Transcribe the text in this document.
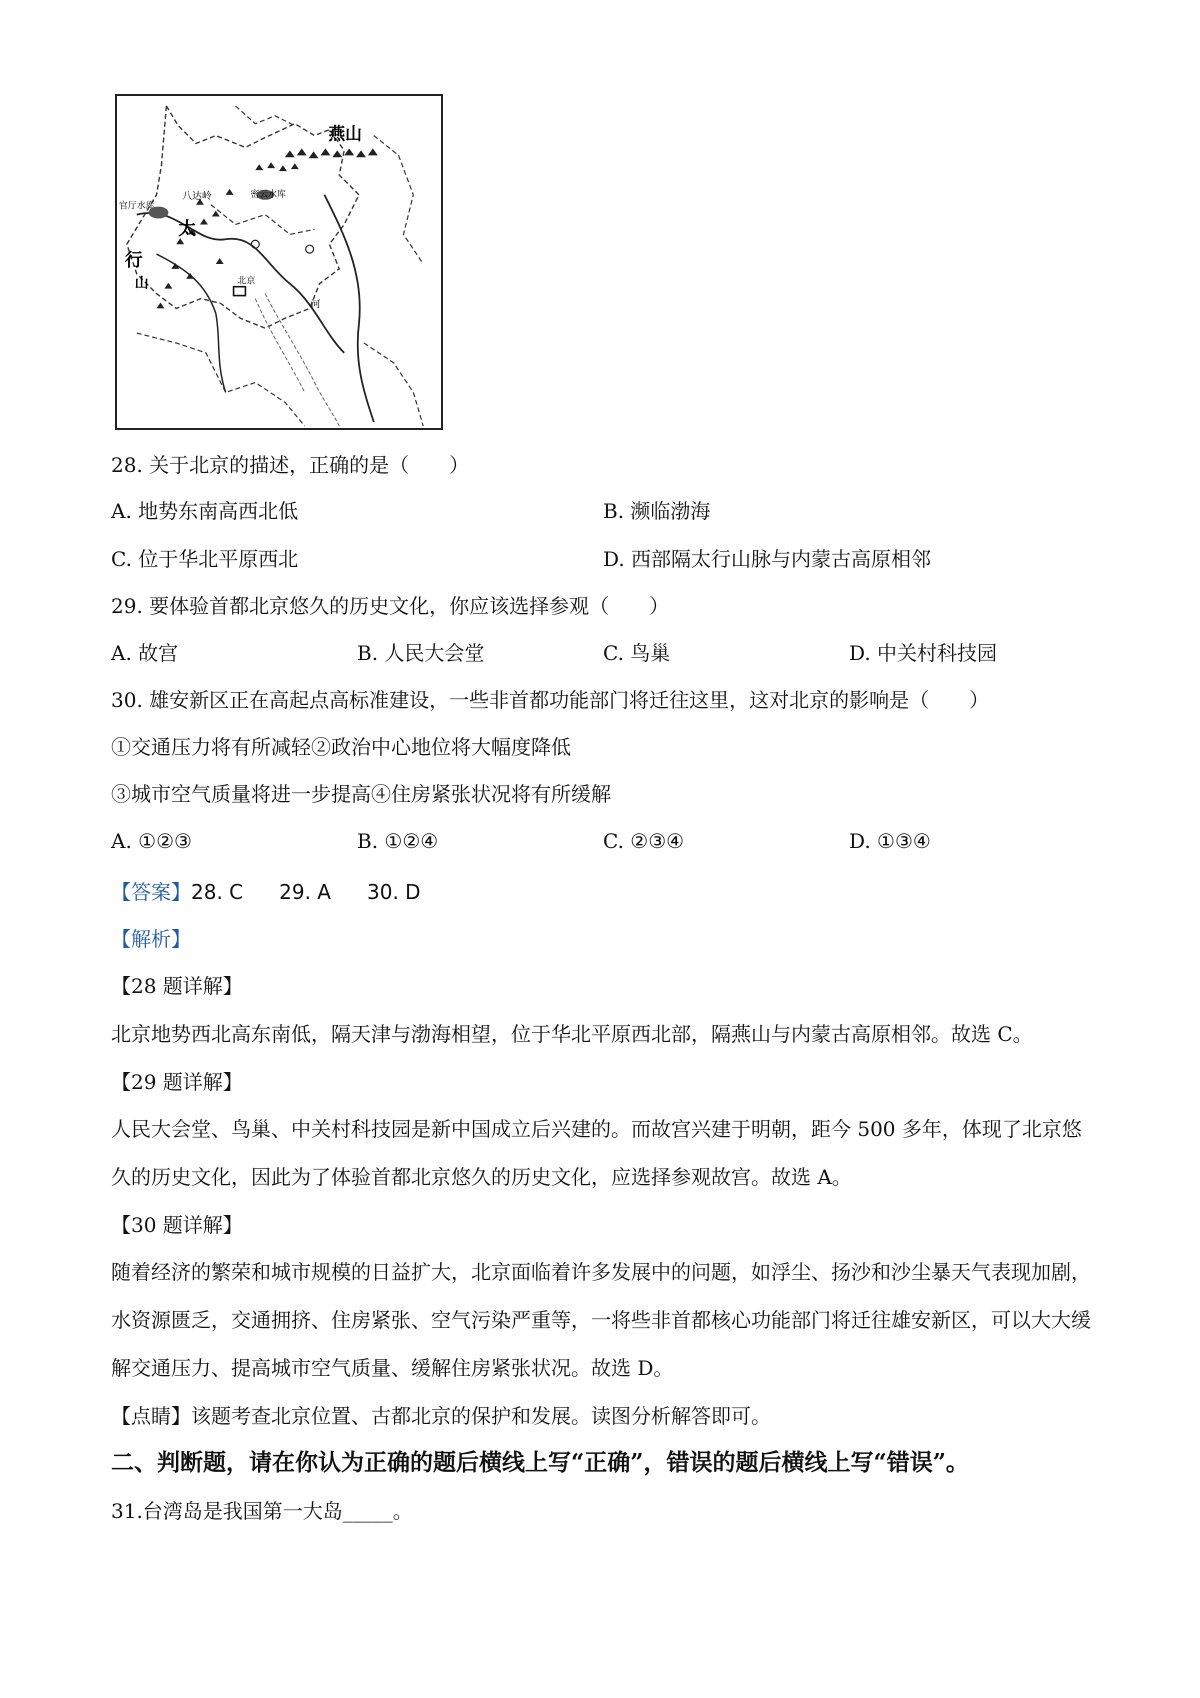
燕山
八达岭	密云水库
官厅水库
太
行
山	北京
河
28. 关于北京的描述，正确的是（　　）
A. 地势东南高西北低	B. 濒临渤海
C. 位于华北平原西北	D. 西部隔太行山脉与内蒙古高原相邻
29. 要体验首都北京悠久的历史文化，你应该选择参观（　　）
A. 故宫	B. 人民大会堂	C. 鸟巢	D. 中关村科技园
30. 雄安新区正在高起点高标准建设，一些非首都功能部门将迁往这里，这对北京的影响是（　　）
①交通压力将有所减轻②政治中心地位将大幅度降低
③城市空气质量将进一步提高④住房紧张状况将有所缓解
A. ①②③	B. ①②④	C. ②③④	D. ①③④
【答案】28. C 29. A 30. D
【解析】
【28 题详解】
北京地势西北高东南低，隔天津与渤海相望，位于华北平原西北部，隔燕山与内蒙古高原相邻。故选 C。
【29 题详解】
人民大会堂、鸟巢、中关村科技园是新中国成立后兴建的。而故宫兴建于明朝，距今 500 多年，体现了北京悠久的历史文化，因此为了体验首都北京悠久的历史文化，应选择参观故宫。故选 A。
【30 题详解】
随着经济的繁荣和城市规模的日益扩大，北京面临着许多发展中的问题，如浮尘、扬沙和沙尘暴天气表现加剧，水资源匮乏，交通拥挤、住房紧张、空气污染严重等，一将些非首都核心功能部门将迁往雄安新区，可以大大缓解交通压力、提高城市空气质量、缓解住房紧张状况。故选 D。
【点睛】该题考查北京位置、古都北京的保护和发展。读图分析解答即可。
二、判断题，请在你认为正确的题后横线上写“正确”，错误的题后横线上写“错误”。
31.台湾岛是我国第一大岛_____。
